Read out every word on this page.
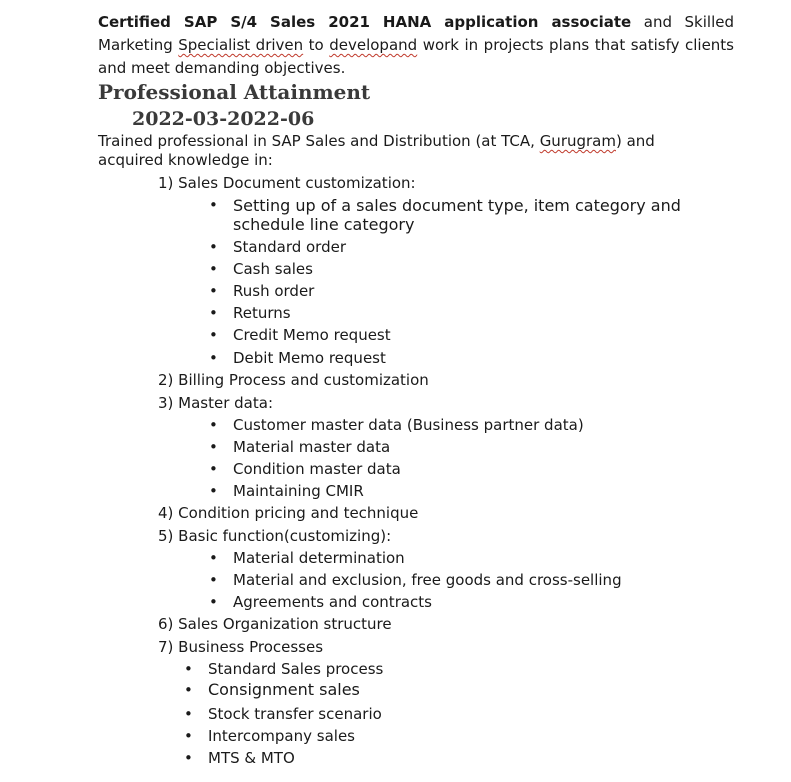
Certified SAP S/4 Sales 2021 HANA application associate and Skilled Marketing Specialist driven to developand work in projects plans that satisfy clients and meet demanding objectives.

Professional Attainment
2022-03-2022-06

Trained professional in SAP Sales and Distribution (at TCA, Gurugram) and acquired knowledge in:

1) Sales Document customization:
• Setting up of a sales document type, item category and schedule line category
• Standard order
• Cash sales
• Rush order
• Returns
• Credit Memo request
• Debit Memo request
2) Billing Process and customization
3) Master data:
• Customer master data (Business partner data)
• Material master data
• Condition master data
• Maintaining CMIR
4) Condition pricing and technique
5) Basic function(customizing):
• Material determination
• Material and exclusion, free goods and cross-selling
• Agreements and contracts
6) Sales Organization structure
7) Business Processes
• Standard Sales process
• Consignment sales
• Stock transfer scenario
• Intercompany sales
• MTS & MTO
